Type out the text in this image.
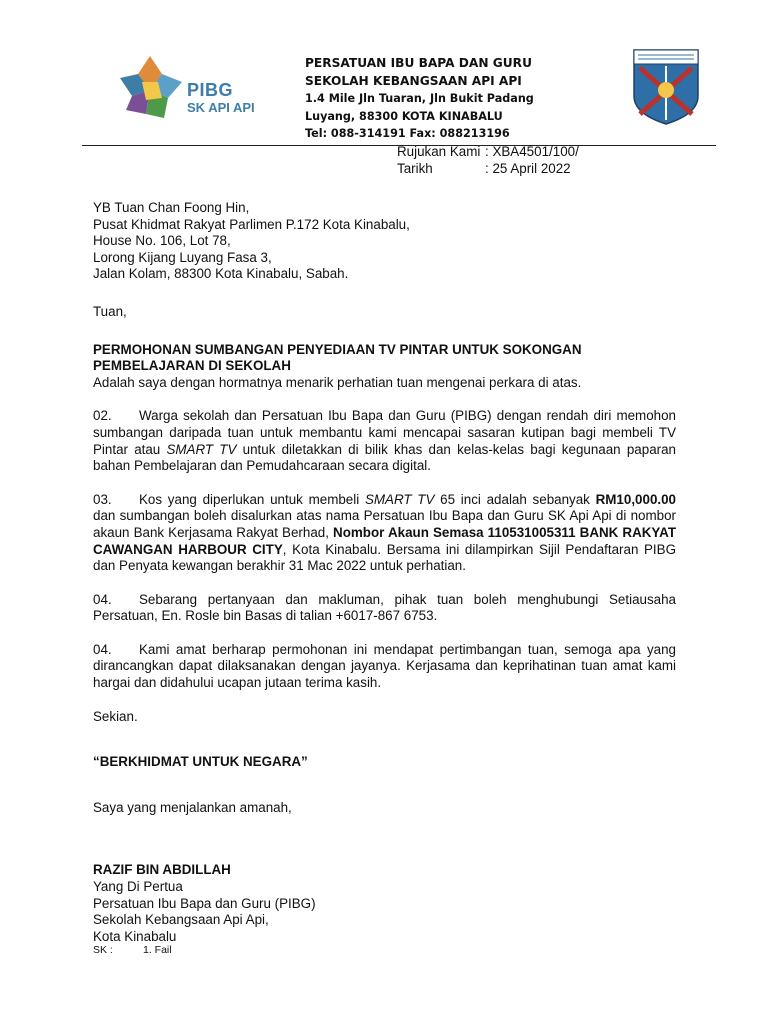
PIBG
SK API API
PERSATUAN IBU BAPA DAN GURU
SEKOLAH KEBANGSAAN API API
1.4 Mile Jln Tuaran, Jln Bukit Padang
Luyang, 88300 KOTA KINABALU
Tel: 088-314191 Fax: 088213196
Rujukan Kami : XBA4501/100/
Tarikh	: 25 April 2022

YB Tuan Chan Foong Hin,

Pusat Khidmat Rakyat Parlimen P.172 Kota Kinabalu,

House No. 106, Lot 78,

Lorong Kijang Luyang Fasa 3,

Jalan Kolam, 88300 Kota Kinabalu, Sabah.

Tuan,

PERMOHONAN SUMBANGAN PENYEDIAAN TV PINTAR UNTUK SOKONGAN

PEMBELAJARAN DI SEKOLAH

Adalah saya dengan hormatnya menarik perhatian tuan mengenai perkara di atas.

02. Warga sekolah dan Persatuan Ibu Bapa dan Guru (PIBG) dengan rendah diri memohon sumbangan daripada tuan untuk membantu kami mencapai sasaran kutipan bagi membeli TV Pintar atau SMART TV untuk diletakkan di bilik khas dan kelas-kelas bagi kegunaan paparan bahan Pembelajaran dan Pemudahcaraan secara digital.

03. Kos yang diperlukan untuk membeli SMART TV 65 inci adalah sebanyak RM10,000.00 dan sumbangan boleh disalurkan atas nama Persatuan Ibu Bapa dan Guru SK Api Api di nombor akaun Bank Kerjasama Rakyat Berhad, Nombor Akaun Semasa 110531005311 BANK RAKYAT CAWANGAN HARBOUR CITY, Kota Kinabalu. Bersama ini dilampirkan Sijil Pendaftaran PIBG dan Penyata kewangan berakhir 31 Mac 2022 untuk perhatian.

04. Sebarang pertanyaan dan makluman, pihak tuan boleh menghubungi Setiausaha Persatuan, En. Rosle bin Basas di talian +6017-867 6753.

04. Kami amat berharap permohonan ini mendapat pertimbangan tuan, semoga apa yang dirancangkan dapat dilaksanakan dengan jayanya. Kerjasama dan keprihatinan tuan amat kami hargai dan didahului ucapan jutaan terima kasih.

Sekian.

“BERKHIDMAT UNTUK NEGARA”

Saya yang menjalankan amanah,

RAZIF BIN ABDILLAH

Yang Di Pertua

Persatuan Ibu Bapa dan Guru (PIBG)

Sekolah Kebangsaan Api Api,

Kota Kinabalu

SK :	1. Fail
